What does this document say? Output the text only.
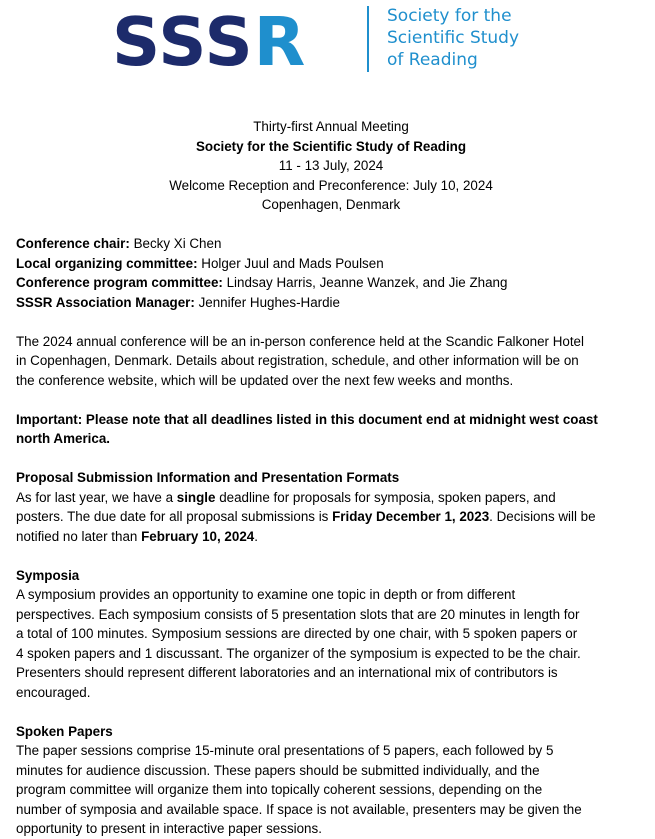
SSSR	Society for the
Scientific Study
of Reading

Thirty-first Annual Meeting

Society for the Scientific Study of Reading

11 - 13 July, 2024

Welcome Reception and Preconference: July 10, 2024

Copenhagen, Denmark

Conference chair: Becky Xi Chen

Local organizing committee: Holger Juul and Mads Poulsen

Conference program committee: Lindsay Harris, Jeanne Wanzek, and Jie Zhang

SSSR Association Manager: Jennifer Hughes-Hardie

The 2024 annual conference will be an in-person conference held at the Scandic Falkoner Hotel

in Copenhagen, Denmark. Details about registration, schedule, and other information will be on

the conference website, which will be updated over the next few weeks and months.

Important: Please note that all deadlines listed in this document end at midnight west coast

north America.

Proposal Submission Information and Presentation Formats

As for last year, we have a single deadline for proposals for symposia, spoken papers, and

posters. The due date for all proposal submissions is Friday December 1, 2023. Decisions will be

notified no later than February 10, 2024.

Symposia

A symposium provides an opportunity to examine one topic in depth or from different

perspectives. Each symposium consists of 5 presentation slots that are 20 minutes in length for

a total of 100 minutes. Symposium sessions are directed by one chair, with 5 spoken papers or

4 spoken papers and 1 discussant. The organizer of the symposium is expected to be the chair.

Presenters should represent different laboratories and an international mix of contributors is

encouraged.

Spoken Papers

The paper sessions comprise 15-minute oral presentations of 5 papers, each followed by 5

minutes for audience discussion. These papers should be submitted individually, and the

program committee will organize them into topically coherent sessions, depending on the

number of symposia and available space. If space is not available, presenters may be given the

opportunity to present in interactive paper sessions.
